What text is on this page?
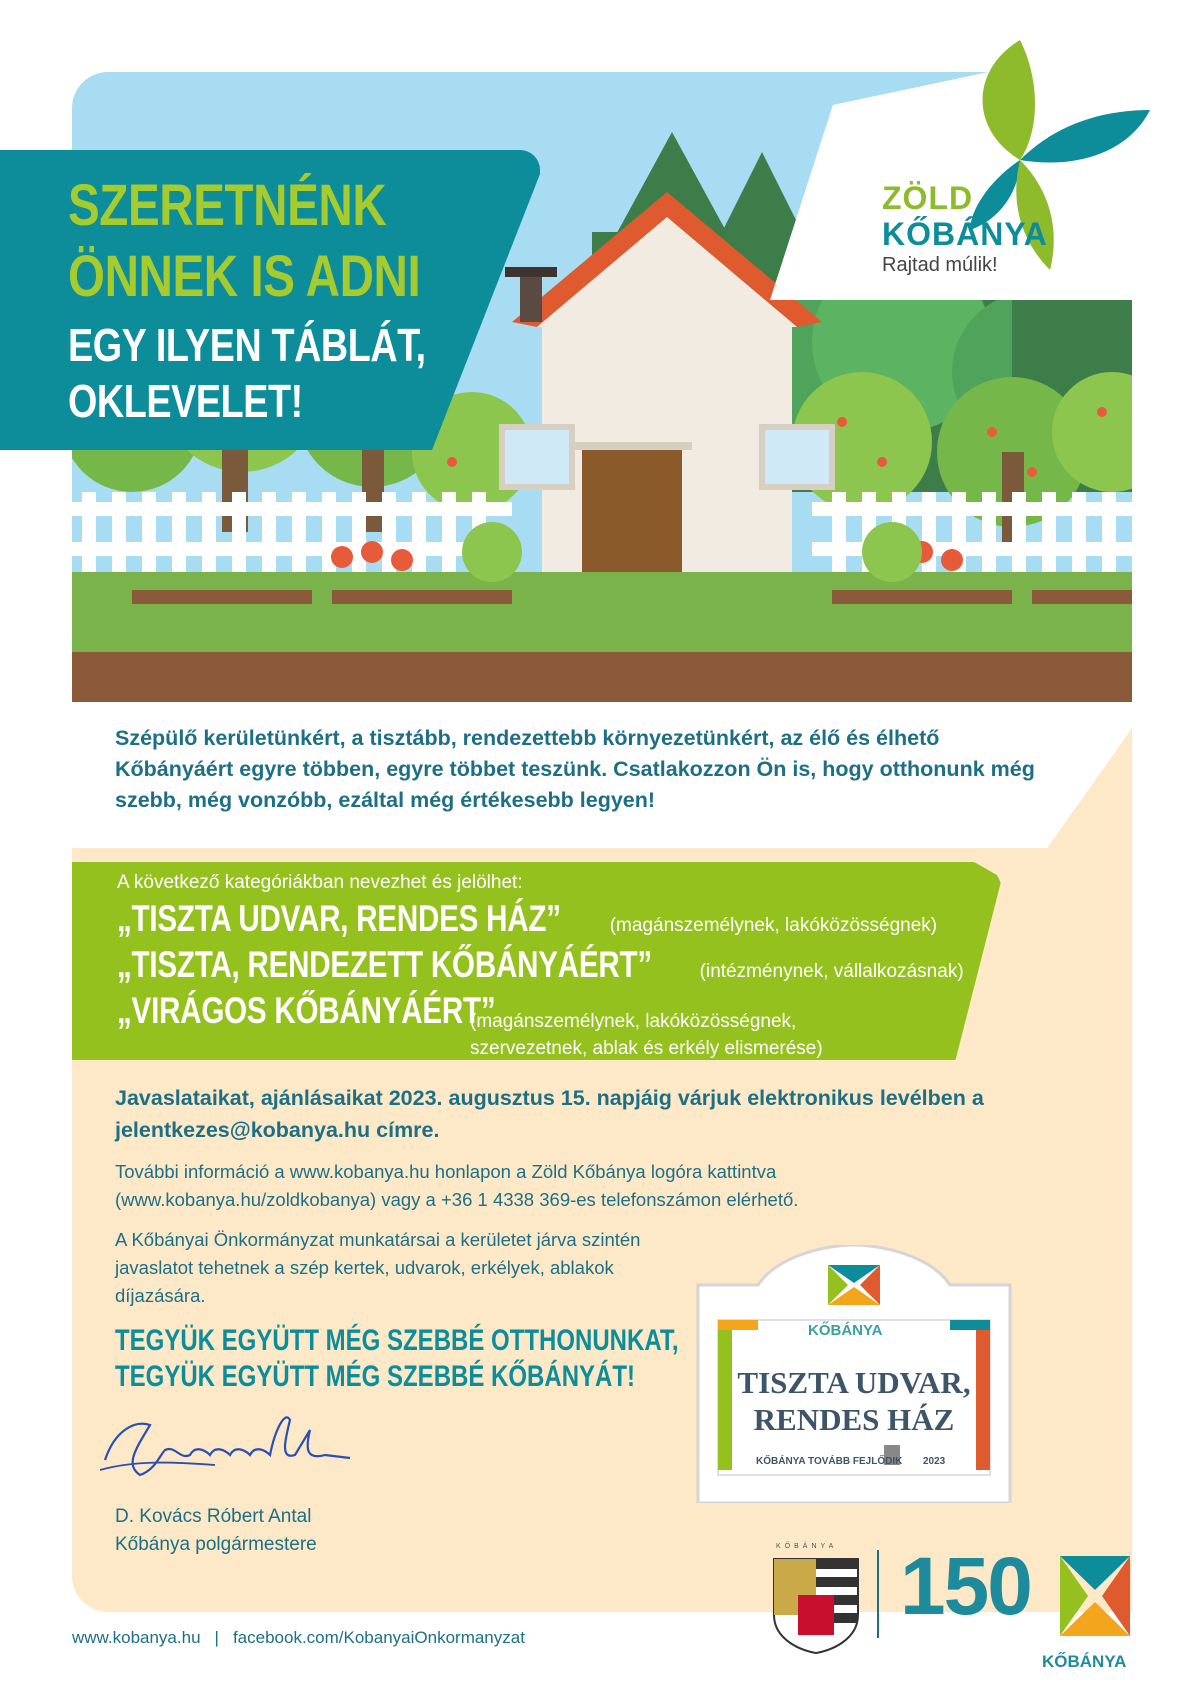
SZERETNÉNK
ÖNNEK IS ADNI
EGY ILYEN TÁBLÁT,
OKLEVELET!
ZÖLD
KŐBÁNYA
Rajtad múlik!
Szépülő kerületünkért, a tisztább, rendezettebb környezetünkért, az élő és élhető Kőbányáért egyre többen, egyre többet teszünk. Csatlakozzon Ön is, hogy otthonunk még szebb, még vonzóbb, ezáltal még értékesebb legyen!
A következő kategóriákban nevezhet és jelölhet:
„TISZTA UDVAR, RENDES HÁZ”	(magánszemélynek, lakóközösségnek)
„TISZTA, RENDEZETT KŐBÁNYÁÉRT”	(intézménynek, vállalkozásnak)
„VIRÁGOS KŐBÁNYÁÉRT”
(magánszemélynek, lakóközösségnek,
szervezetnek, ablak és erkély elismerése)
Javaslataikat, ajánlásaikat 2023. augusztus 15. napjáig várjuk elektronikus levélben a jelentkezes@kobanya.hu címre.
További információ a www.kobanya.hu honlapon a Zöld Kőbánya logóra kattintva (www.kobanya.hu/zoldkobanya) vagy a +36 1 4338 369-es telefonszámon elérhető.
A Kőbányai Önkormányzat munkatársai a kerületet járva szintén javaslatot tehetnek a szép kertek, udvarok, erkélyek, ablakok díjazására.
TEGYÜK EGYÜTT MÉG SZEBBÉ OTTHONUNKAT,
TEGYÜK EGYÜTT MÉG SZEBBÉ KŐBÁNYÁT!
D. Kovács Róbert Antal
Kőbánya polgármestere
KŐBÁNYA
TISZTA UDVAR,
RENDES HÁZ
KŐBÁNYA TOVÁBB FEJLŐDIK 2023
KŐBÁNYA 150
KŐBÁNYA
www.kobanya.hu | facebook.com/KobanyaiOnkormanyzat
